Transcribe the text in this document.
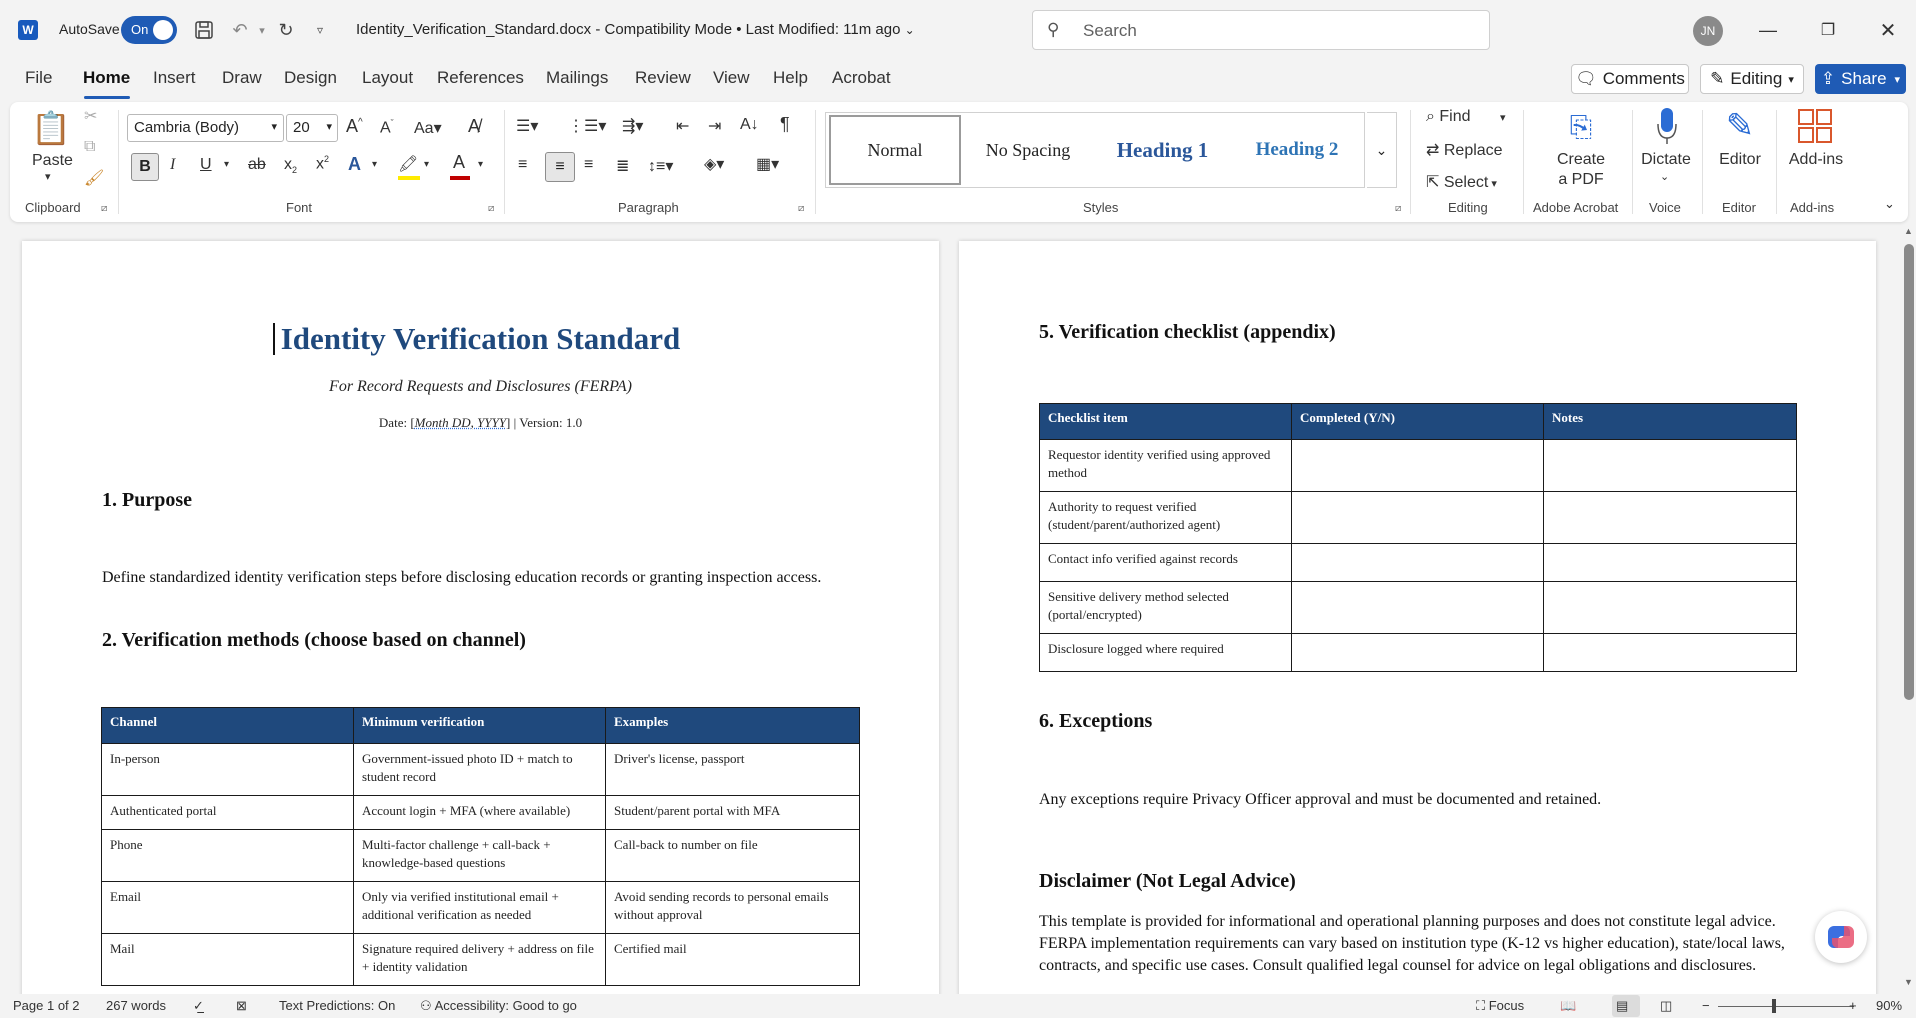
W	AutoSave On	↶	▾ ↻	▿	Identity_Verification_Standard.docx - Compatibility Mode • Last Modified: 11m ago ⌄	⚲ Search	JN	—	❐	✕
File Home Insert Draw Design Layout References Mailings Review View Help Acrobat	🗨 Comments ✎ Editing ▾ ⇪ Share ▾
📋
Paste
▾
✂
⧉
🖌
Clipboard ⧄
Cambria (Body)	▾	20 ▾ A^ $A^ˇ$ Aa▾ A̸
B	I U ▾ ab $x_2$ $x^2$ A ▾ 🖍 ▾ A ▾
Font	⧄
☰▾ ⋮☰▾ ⇶▾ ⇤ ⇥ A↓ ¶
≡	≡	≡ ≣ ↕≡▾ ◈▾ ▦▾
Paragraph	⧄
Normal	No Spacing	Heading 1	Heading 2	⌄
Styles	⧄
⌕ Find	▾
⇄ Replace
⇱ Select ▾
Editing
⎘
Create
a PDF
Adobe Acrobat
Dictate
⌄
Voice
✎
Editor
Editor
Add-ins
Add-ins	⌄
Identity Verification Standard
For Record Requests and Disclosures (FERPA)
Date: [Month DD, YYYY] | Version: 1.0
1. Purpose
Define standardized identity verification steps before disclosing education records or granting inspection access.
2. Verification methods (choose based on channel)
Channel	Minimum verification	Examples
In-person	Government-issued photo ID + match to student record	Driver's license, passport
Authenticated portal	Account login + MFA (where available)	Student/parent portal with MFA
Phone	Multi-factor challenge + call-back + knowledge-based questions	Call-back to number on file
Email	Only via verified institutional email + additional verification as needed	Avoid sending records to personal emails without approval
Mail	Signature required delivery + address on file + identity validation	Certified mail
5. Verification checklist (appendix)
Checklist item	Completed (Y/N)	Notes
Requestor identity verified using approved method		
Authority to request verified (student/parent/authorized agent)		
Contact info verified against records		
Sensitive delivery method selected (portal/encrypted)		
Disclosure logged where required		
6. Exceptions
Any exceptions require Privacy Officer approval and must be documented and retained.
Disclaimer (Not Legal Advice)
This template is provided for informational and operational planning purposes and does not constitute legal advice. FERPA implementation requirements can vary based on institution type (K-12 vs higher education), state/local laws, contracts, and specific use cases. Consult qualified legal counsel for advice on legal obligations and disclosures.
▲
▼
Page 1 of 2 267 words ✓̲ ⊠ Text Predictions: On ⚇ Accessibility: Good to go	⛶ Focus	📖	▤ ◫ −	+ 90%
